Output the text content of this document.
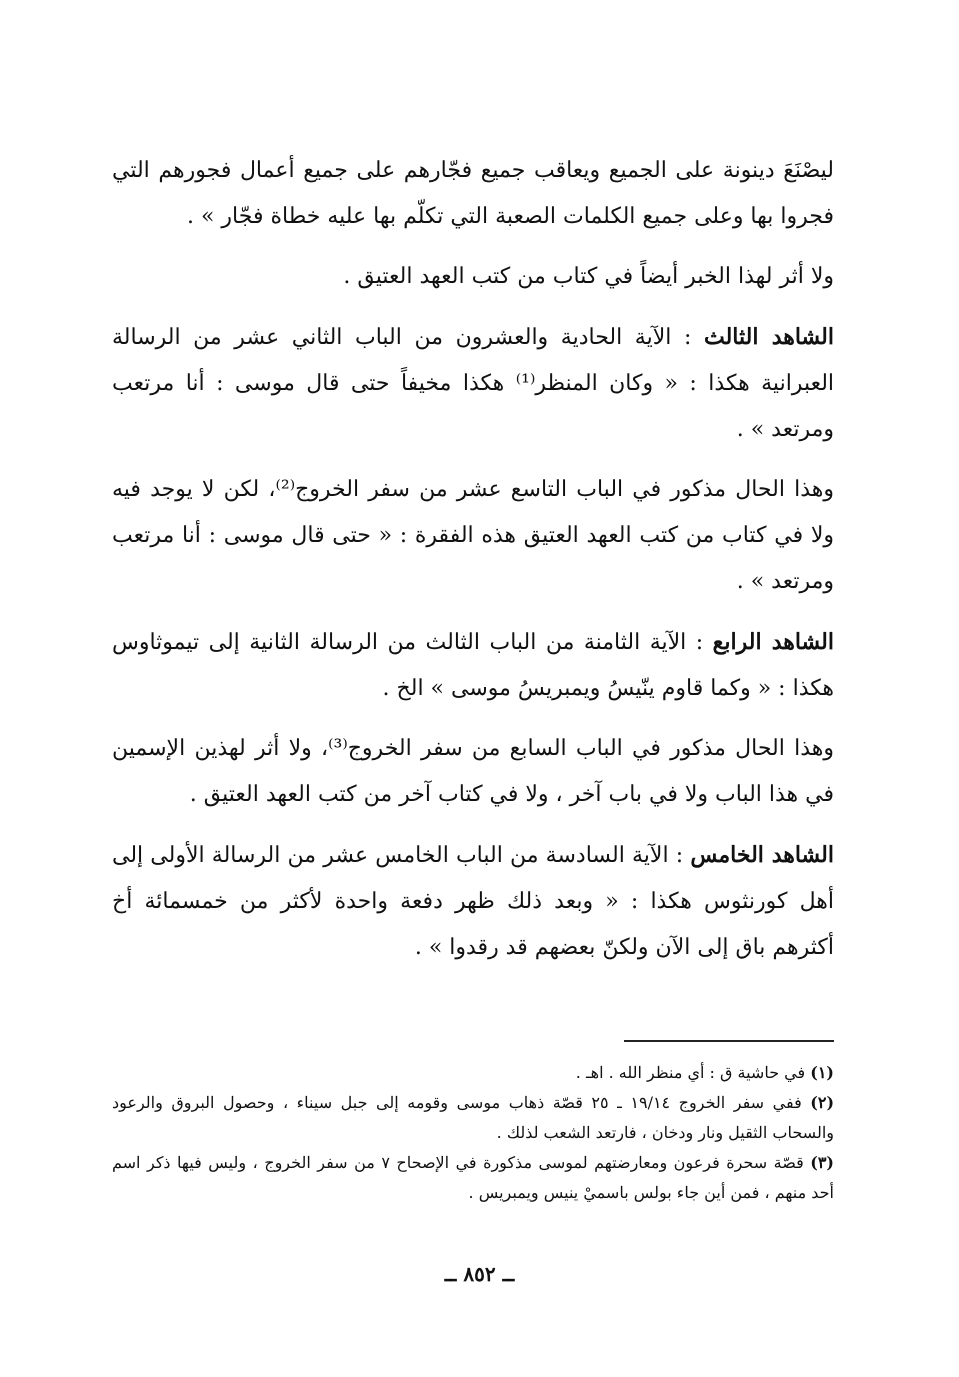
ليصْنَعَ دينونة على الجميع ويعاقب جميع فجّارهم على جميع أعمال فجورهم التي فجروا بها وعلى جميع الكلمات الصعبة التي تكلّم بها عليه خطاة فجّار » .

ولا أثر لهذا الخبر أيضاً في كتاب من كتب العهد العتيق .

الشاهد الثالث : الآية الحادية والعشرون من الباب الثاني عشر من الرسالة العبرانية هكذا : « وكان المنظر⁽¹⁾ هكذا مخيفاً حتى قال موسى : أنا مرتعب ومرتعد » .

وهذا الحال مذكور في الباب التاسع عشر من سفر الخروج⁽²⁾، لكن لا يوجد فيه ولا في كتاب من كتب العهد العتيق هذه الفقرة : « حتى قال موسى : أنا مرتعب ومرتعد » .

الشاهد الرابع : الآية الثامنة من الباب الثالث من الرسالة الثانية إلى تيموثاوس هكذا : « وكما قاوم ينّيسُ ويمبريسُ موسى » الخ .

وهذا الحال مذكور في الباب السابع من سفر الخروج⁽³⁾، ولا أثر لهذين الإسمين في هذا الباب ولا في باب آخر ، ولا في كتاب آخر من كتب العهد العتيق .

الشاهد الخامس : الآية السادسة من الباب الخامس عشر من الرسالة الأولى إلى أهل كورنثوس هكذا : « وبعد ذلك ظهر دفعة واحدة لأكثر من خمسمائة أخ أكثرهم باق إلى الآن ولكنّ بعضهم قد رقدوا » .

(١) في حاشية ق : أي منظر الله . اهـ .

(٢) ففي سفر الخروج ١٩/١٤ ـ ٢٥ قصّة ذهاب موسى وقومه إلى جبل سيناء ، وحصول البروق والرعود والسحاب الثقيل ونار ودخان ، فارتعد الشعب لذلك .

(٣) قصّة سحرة فرعون ومعارضتهم لموسى مذكورة في الإصحاح ٧ من سفر الخروج ، وليس فيها ذكر اسم أحد منهم ، فمن أين جاء بولس باسميْ ينيس ويمبريس .

ــ ٨٥٢ ــ
